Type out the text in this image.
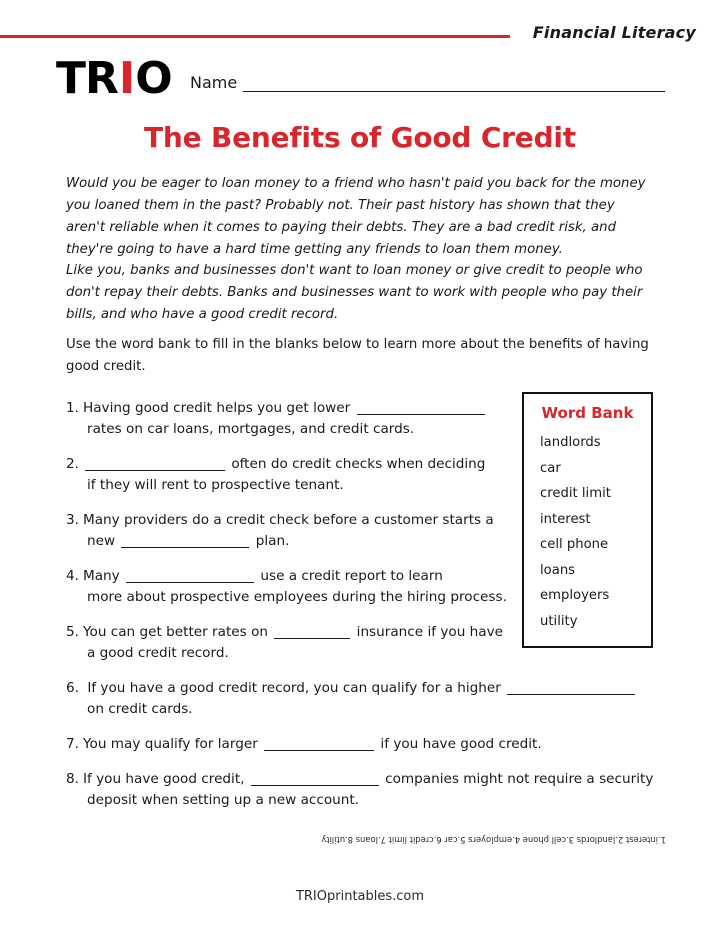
Financial Literacy
TR I O Name
The Benefits of Good Credit
Would you be eager to loan money to a friend who hasn't paid you back for the money you loaned them in the past? Probably not. Their past history has shown that they aren't reliable when it comes to paying their debts. They are a bad credit risk, and they're going to have a hard time getting any friends to loan them money.
Like you, banks and businesses don't want to loan money or give credit to people who don't repay their debts. Banks and businesses want to work with people who pay their bills, and who have a good credit record.
Use the word bank to fill in the blanks below to learn more about the benefits of having good credit.
Word Bank
landlords
car
credit limit
interest
cell phone
loans
employers
utility
1. Having good credit helps you get lower
rates on car loans, mortgages, and credit cards.
2.	often do credit checks when deciding
if they will rent to prospective tenant.
3. Many providers do a credit check before a customer starts a
new	plan.
4. Many	use a credit report to learn
more about prospective employees during the hiring process.
5. You can get better rates on	insurance if you have
a good credit record.
6. If you have a good credit record, you can qualify for a higher
on credit cards.
7. You may qualify for larger	if you have good credit.
8. If you have good credit,	companies might not require a security
deposit when setting up a new account.
1.interest 2.landlords 3.cell phone 4.employers 5.car 6.credit limit 7.loans 8.utility
TRIOprintables.com
